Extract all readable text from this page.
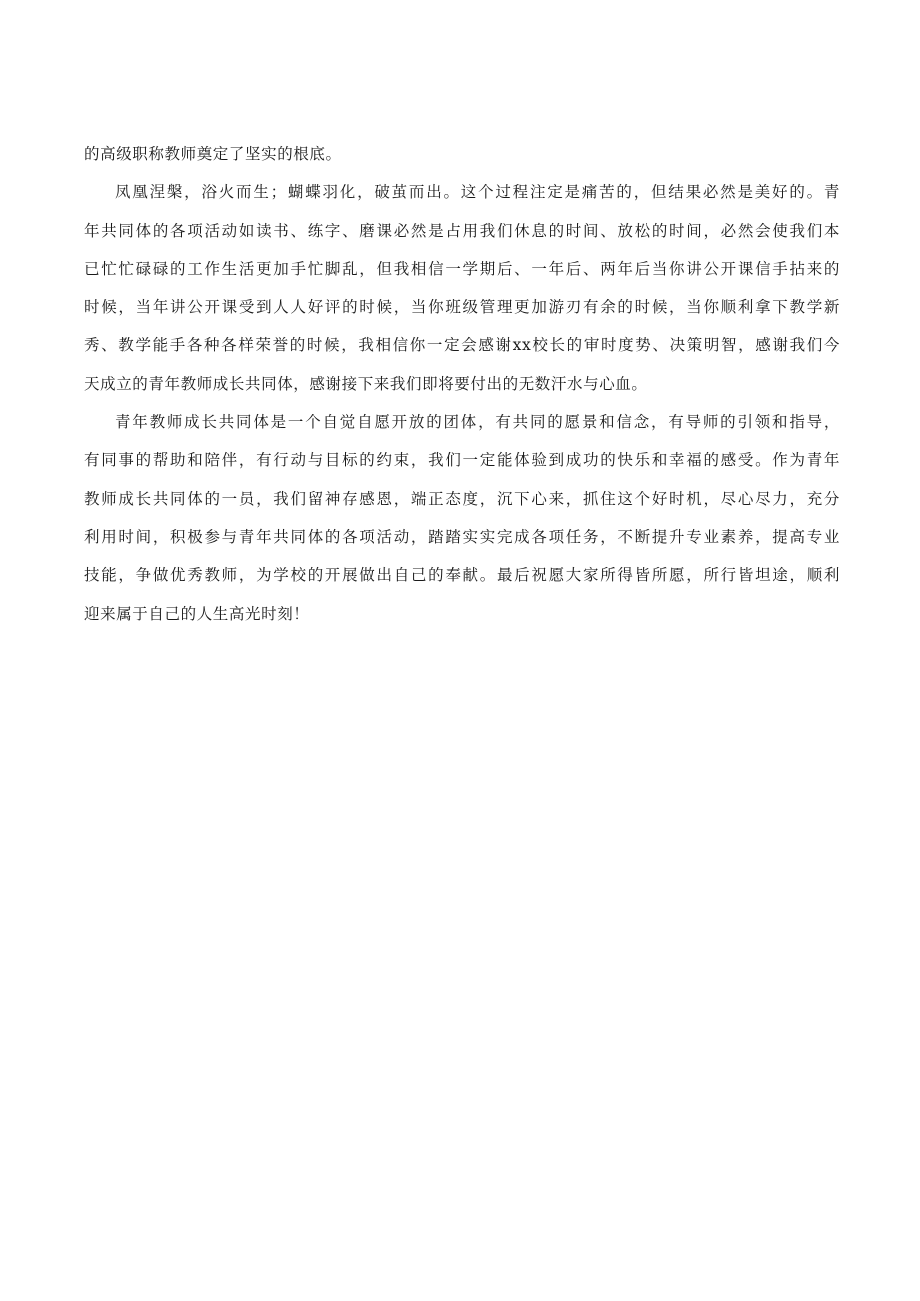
的高级职称教师奠定了坚实的根底。

凤凰涅槃，浴火而生；蝴蝶羽化，破茧而出。这个过程注定是痛苦的，但结果必然是美好的。青
年共同体的各项活动如读书、练字、磨课必然是占用我们休息的时间、放松的时间，必然会使我们本
已忙忙碌碌的工作生活更加手忙脚乱，但我相信一学期后、一年后、两年后当你讲公开课信手拈来的
时候，当年讲公开课受到人人好评的时候，当你班级管理更加游刃有余的时候，当你顺利拿下教学新
秀、教学能手各种各样荣誉的时候，我相信你一定会感谢xx校长的审时度势、决策明智，感谢我们今
天成立的青年教师成长共同体，感谢接下来我们即将要付出的无数汗水与心血。

青年教师成长共同体是一个自觉自愿开放的团体，有共同的愿景和信念，有导师的引领和指导，
有同事的帮助和陪伴，有行动与目标的约束，我们一定能体验到成功的快乐和幸福的感受。作为青年
教师成长共同体的一员，我们留神存感恩，端正态度，沉下心来，抓住这个好时机，尽心尽力，充分
利用时间，积极参与青年共同体的各项活动，踏踏实实完成各项任务，不断提升专业素养，提高专业
技能，争做优秀教师，为学校的开展做出自己的奉献。最后祝愿大家所得皆所愿，所行皆坦途，顺利
迎来属于自己的人生高光时刻！
